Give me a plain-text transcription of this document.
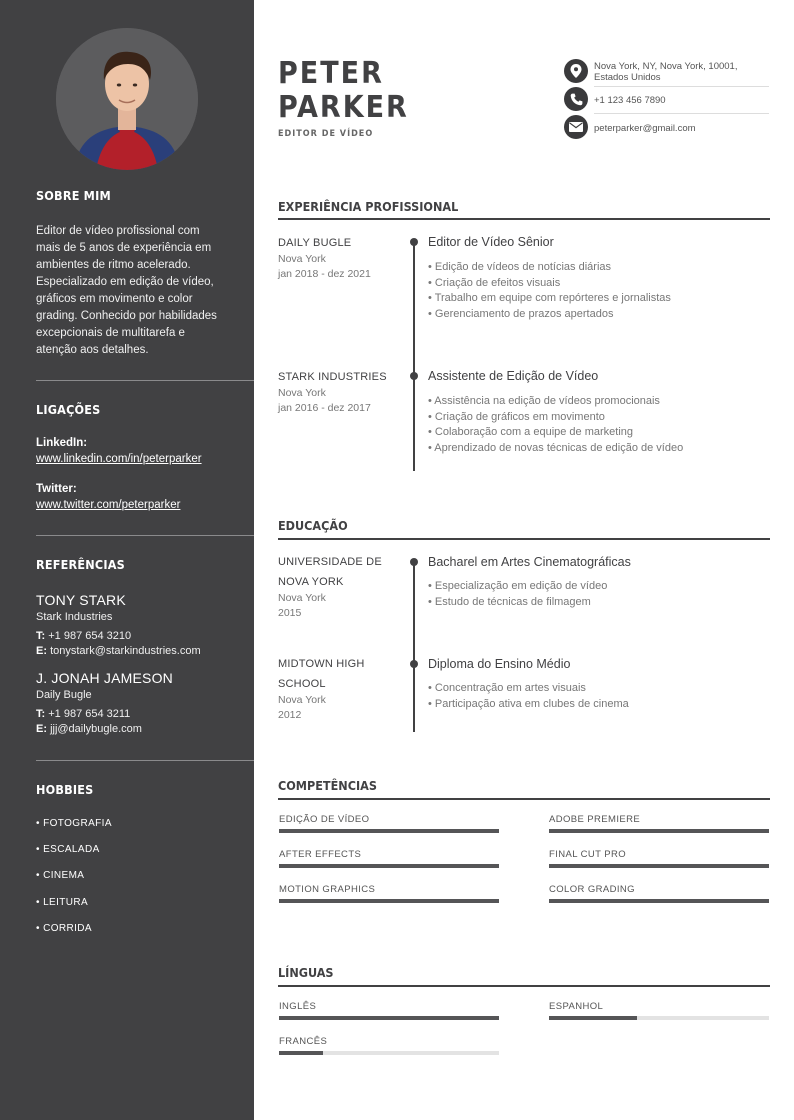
SOBRE MIM

Editor de vídeo profissional com mais de 5 anos de experiência em ambientes de ritmo acelerado. Especializado em edição de vídeo, gráficos em movimento e color grading. Conhecido por habilidades excepcionais de multitarefa e atenção aos detalhes.

LIGAÇÕES
LinkedIn:
www.linkedin.com/in/peterparker
Twitter:
www.twitter.com/peterparker
REFERÊNCIAS
TONY STARK
Stark Industries
T: +1 987 654 3210
E: tonystark@starkindustries.com
J. JONAH JAMESON
Daily Bugle
T: +1 987 654 3211
E: jjj@dailybugle.com
HOBBIES
• FOTOGRAFIA
• ESCALADA
• CINEMA
• LEITURA
• CORRIDA
PETER
PARKER
EDITOR DE VÍDEO
Nova York, NY, Nova York, 10001,
Estados Unidos
+1 123 456 7890
peterparker@gmail.com
EXPERIÊNCIA PROFISSIONAL
DAILY BUGLE
Nova York
jan 2018 - dez 2021
Editor de Vídeo Sênior
• Edição de vídeos de notícias diárias
• Criação de efeitos visuais
• Trabalho em equipe com repórteres e jornalistas
• Gerenciamento de prazos apertados
STARK INDUSTRIES
Nova York
jan 2016 - dez 2017
Assistente de Edição de Vídeo
• Assistência na edição de vídeos promocionais
• Criação de gráficos em movimento
• Colaboração com a equipe de marketing
• Aprendizado de novas técnicas de edição de vídeo
EDUCAÇÃO
UNIVERSIDADE DE
NOVA YORK
Nova York
2015
Bacharel em Artes Cinematográficas
• Especialização em edição de vídeo
• Estudo de técnicas de filmagem
MIDTOWN HIGH
SCHOOL
Nova York
2012
Diploma do Ensino Médio
• Concentração em artes visuais
• Participação ativa em clubes de cinema
COMPETÊNCIAS
EDIÇÃO DE VÍDEO	ADOBE PREMIERE
AFTER EFFECTS	FINAL CUT PRO
MOTION GRAPHICS	COLOR GRADING
LÍNGUAS
INGLÊS	ESPANHOL
FRANCÊS
